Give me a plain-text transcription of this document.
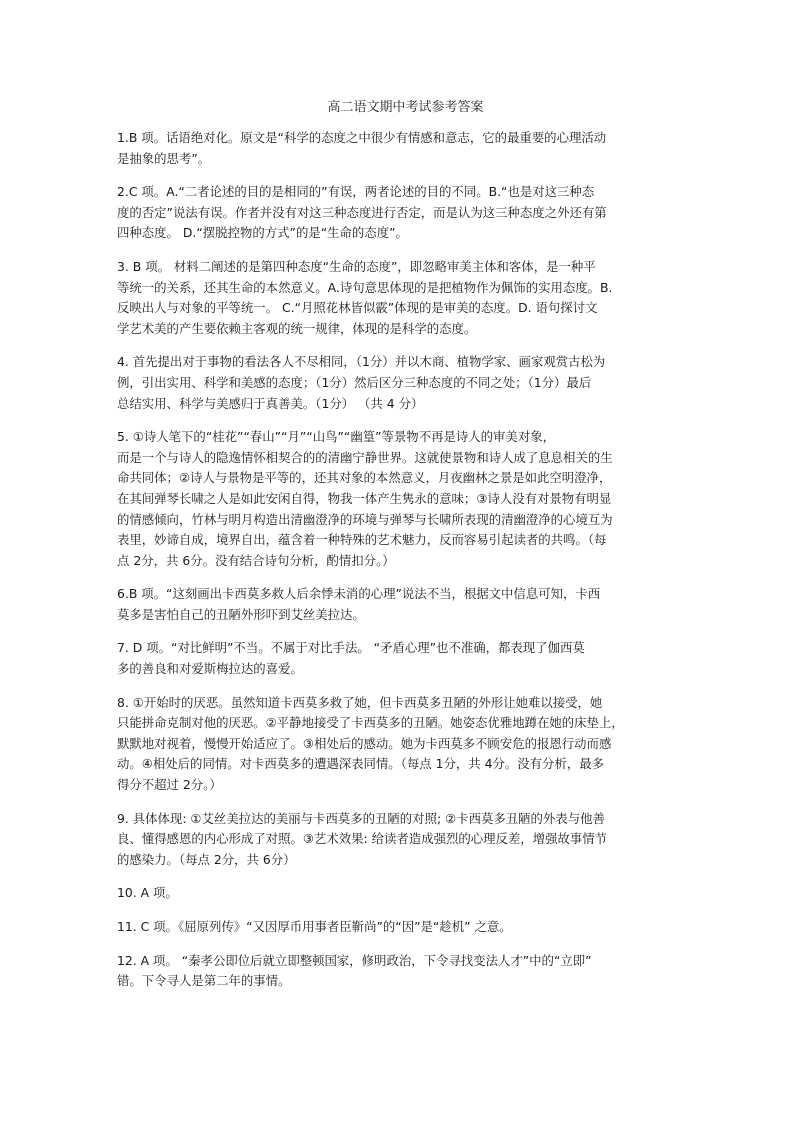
高二语文期中考试参考答案
1.B 项。话语绝对化。原文是“科学的态度之中很少有情感和意志，它的最重要的心理活动
是抽象的思考”。
2.C 项。A.“二者论述的目的是相同的”有误，两者论述的目的不同。B.“也是对这三种态
度的否定”说法有误。作者并没有对这三种态度进行否定，而是认为这三种态度之外还有第
四种态度。 D.“摆脱控物的方式”的是“生命的态度”。
3. B 项。 材料二阐述的是第四种态度“生命的态度”，即忽略审美主体和客体，是一种平
等统一的关系，还其生命的本然意义。A.诗句意思体现的是把植物作为佩饰的实用态度。B.
反映出人与对象的平等统一。 C.“月照花林皆似霰”体现的是审美的态度。D. 语句探讨文
学艺术美的产生要依赖主客观的统一规律，体现的是科学的态度。
4. 首先提出对于事物的看法各人不尽相同，（1分）并以木商、植物学家、画家观赏古松为
例，引出实用、科学和美感的态度；（1分）然后区分三种态度的不同之处；（1分）最后
总结实用、科学与美感归于真善美。（1分） （共 4 分）
5. ①诗人笔下的“桂花”“春山”“月”“山鸟”“幽篁”等景物不再是诗人的审美对象，
而是一个与诗人的隐逸情怀相契合的的清幽宁静世界。这就使景物和诗人成了息息相关的生
命共同体；②诗人与景物是平等的，还其对象的本然意义，月夜幽林之景是如此空明澄净，
在其间弹琴长啸之人是如此安闲自得，物我一体产生隽永的意味；③诗人没有对景物有明显
的情感倾向，竹林与明月构造出清幽澄净的环境与弹琴与长啸所表现的清幽澄净的心境互为
表里，妙谛自成，境界自出，蕴含着一种特殊的艺术魅力，反而容易引起读者的共鸣。（每
点 2分，共 6分。没有结合诗句分析，酌情扣分。）
6.B 项。“这刻画出卡西莫多救人后余悸未消的心理”说法不当，根据文中信息可知，卡西
莫多是害怕自己的丑陋外形吓到艾丝美拉达。
7. D 项。“对比鲜明”不当。不属于对比手法。 “矛盾心理”也不准确，都表现了伽西莫
多的善良和对爱斯梅拉达的喜爱。
8. ①开始时的厌恶。虽然知道卡西莫多救了她，但卡西莫多丑陋的外形让她难以接受，她
只能拼命克制对他的厌恶。②平静地接受了卡西莫多的丑陋。她姿态优雅地蹲在她的床垫上，
默默地对视着，慢慢开始适应了。③相处后的感动。她为卡西莫多不顾安危的报恩行动而感
动。④相处后的同情。对卡西莫多的遭遇深表同情。（每点 1分，共 4分。没有分析，最多
得分不超过 2分。）
9. 具体体现: ①艾丝美拉达的美丽与卡西莫多的丑陋的对照; ②卡西莫多丑陋的外表与他善
良、懂得感恩的内心形成了对照。③艺术效果: 给读者造成强烈的心理反差，增强故事情节
的感染力。（每点 2分，共 6分）
10. A 项。
11. C 项。《屈原列传》“又因厚币用事者臣靳尚”的“因”是“趁机” 之意。
12. A 项。 “秦孝公即位后就立即整顿国家，修明政治，下令寻找变法人才”中的“立即”
错。下令寻人是第二年的事情。
